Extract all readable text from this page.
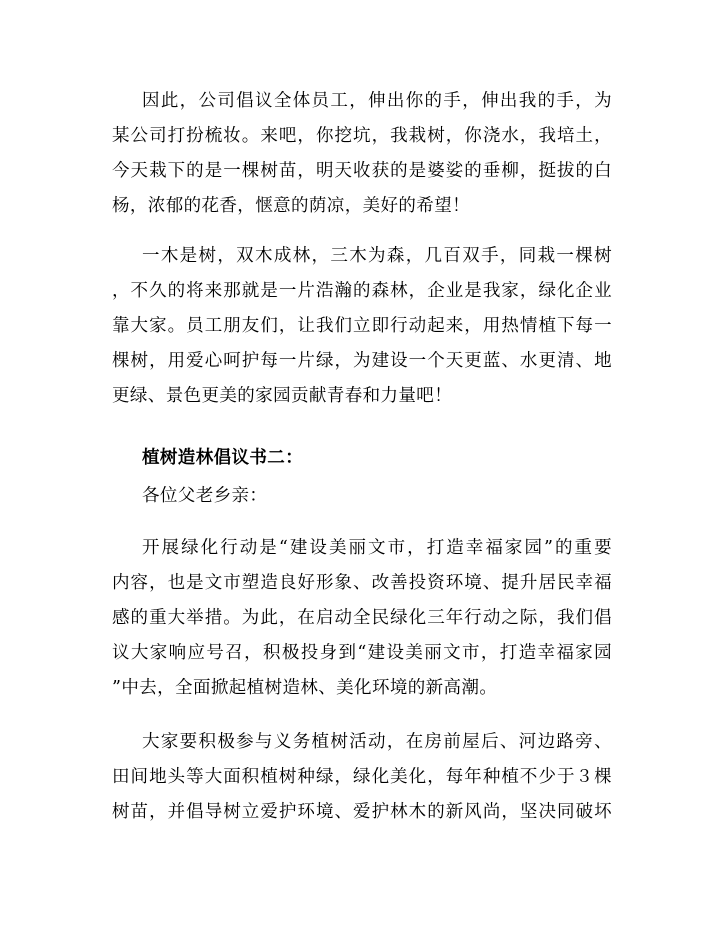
因此，公司倡议全体员工，伸出你的手，伸出我的手，为
某公司打扮梳妆。来吧，你挖坑，我栽树，你浇水，我培土，
今天栽下的是一棵树苗，明天收获的是婆娑的垂柳，挺拔的白
杨，浓郁的花香，惬意的荫凉，美好的希望！
一木是树，双木成林，三木为森，几百双手，同栽一棵树
，不久的将来那就是一片浩瀚的森林，企业是我家，绿化企业
靠大家。员工朋友们，让我们立即行动起来，用热情植下每一
棵树，用爱心呵护每一片绿，为建设一个天更蓝、水更清、地
更绿、景色更美的家园贡献青春和力量吧！
植树造林倡议书二：
各位父老乡亲：
开展绿化行动是“建设美丽文市，打造幸福家园”的重要
内容，也是文市塑造良好形象、改善投资环境、提升居民幸福
感的重大举措。为此，在启动全民绿化三年行动之际，我们倡
议大家响应号召，积极投身到“建设美丽文市，打造幸福家园
”中去，全面掀起植树造林、美化环境的新高潮。
大家要积极参与义务植树活动，在房前屋后、河边路旁、
田间地头等大面积植树种绿，绿化美化，每年种植不少于３棵
树苗，并倡导树立爱护环境、爱护林木的新风尚，坚决同破坏
